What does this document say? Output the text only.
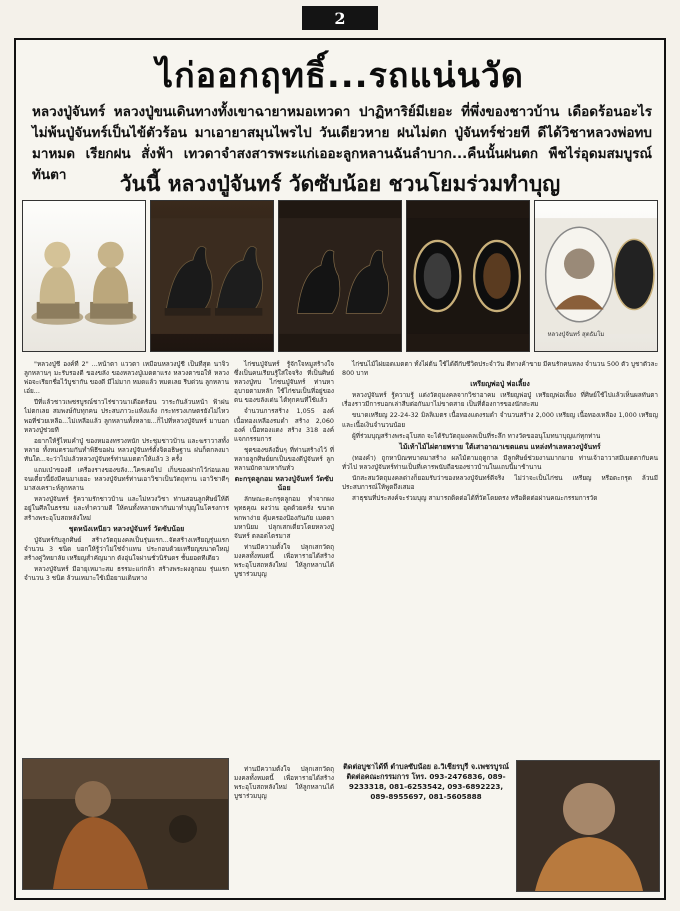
2
ไก่ออกฤทธิ์...รถแน่นวัด
หลวงปู่จันทร์ หลวงปู่ขนเดินทางทั้งเขาฉายาหมอเทวดา ปาฏิหาริย์มีเยอะ ที่พึ่งของชาวบ้าน เดือดร้อนอะไร ไม่พ้นปู่จันทร์เป็นไข้ตัวร้อน มาเอายาสมุนไพรไป วันเดียวหาย ฝนไม่ตก ปู่จันทร์ช่วยที ดีได้วิชาหลวงพ่อทบ มาหมด เรียกฝน สั่งฟ้า เทวดาจำสงสารพระแก่เออะลูกหลานฉันลำบาก...คืนนั้นฝนตก พืชไร่อุดมสมบูรณ์ทันตา	วันนี้ หลวงปู่จันทร์ วัดซับน้อย ชวนโยมร่วมทำบุญ
หลวงปู่จันทร์ สุตธัมโม

"หลวงปู่ชี องค์ที่ 2" ...หน้าตา แววตา เหมือนหลวงปู่ชี เป็นที่สุด นาจิวลูกหลานๆ มะรับรองดี ของขลัง ของหลวงปู่เมตตาแรง หลวงตาขอให้ หลวงพ่อจะเรียกชื่อไว้บูชากัน ของดี มีไม่มาก หมดแล้ว หมดเลย รีบด่วน ลูกหลานเอ๋ย...

ปีที่แล้วชาวเพชรบูรณ์ชาวไร่ชาวนาเดือดร้อน วาระกันล้วนหน้า ฟ้าฝนไม่ตกเลย สมพงษ์กับทุกคน ประสบภาวะแห้งแล้ง กระทรวงเกษตรยังไม่ไหวพอที่ช่วยเหลือ...ไม่เหลือแล้ว ลูกหลานทั้งหลาย...ก็ไปที่หลวงปู่จันทร์ มาบอกหลวงปู่ช่วยที

อยากให้รู้ไหมคำปู่ ของหมองทรวงหนัก ประชุมชาวบ้าน และฆราวาสทั้งหลาย ทั้งหมดรวมกันทำพิธีขอฝน หลวงปู่จันทร์ตั้งจิตอธิษฐาน ฝนก็ตกลงมาทันใด...จะว่าไปแล้วหลวงปู่จันทร์ท่านเมตตาให้แล้ว 3 ครั้ง

แถมเป่าของดี เครื่องรางของขลัง...ใครเคยไป เก็บของฝากไว้ก่อนเลย จนเดี๋ยวนี้ยังมีคนมาเยอะ หลวงปู่จันทร์ท่านเอาวิชาเป็นวัตถุทาน เอาวิชาดีๆ มาสงเคราะห์ลูกหลาน

หลวงปู่จันทร์ รู้ความรักชาวบ้าน และไม่หวงวิชา ท่านสอนลูกศิษย์ให้ดี อยู่ในศีลในธรรม และทำความดี ให้คนทั้งหลายพากันมาทำบุญในโครงการสร้างพระอุโบสถหลังใหม่

ชุดหนังเหนียว หลวงปู่จันทร์ วัดซับน้อย

ปู่จันทร์กับลูกศิษย์ สร้างวัตถุมงคลเป็นรุ่นแรก...จัดสร้างเหรียญรุ่นแรก จำนวน 3 ชนิด บอกให้รู้ว่าไม่ใช่จำแทน ประกอบด้วยเหรียญขนาดใหญ่ สร้างคู่วิทยาลัย เหรียญสำคัญมาก ดังอุ่นใจผ่านชั่วนิรันดร ชั้นยอดทีเดียว

หลวงปู่จันทร์ มีอายุเหมาะสม ธรรมะแก่กล้า สร้างพระผงลูกอม รุ่นแรก จำนวน 3 ชนิด ล้วนเหมาะใช้เมื่อยามเดินทาง

ไก่ชนปู่จันทร์ รู้จักใจหมูสร้างใจ ซึ่งเป็นคนเรียนรู้ใส่ใจจริง ที่เป็นศิษย์ หลวงปู่ทบ ไก่ชนปู่จันทร์ ท่านหาอุบายตามหลัก ใช้ไก่ชนเป็นที่อยู่ของตน ของขลังเด่น ได้ทุกคนที่ใช้แล้ว

จำนวนการสร้าง 1,055 องค์ เนื้อทองเหลืองรมดำ สร้าง 2,060 องค์ เนื้อทองแดง สร้าง 318 องค์ แจกกรรมการ

ชุดของขลังอื่นๆ ที่ท่านสร้างไว้ ที่หลายลูกศิษย์ยกเป็นของดีปู่จันทร์ ลูกหลานมักตามหากันทั่ว

ตะกรุดลูกอม หลวงปู่จันทร์ วัดซับน้อย

ลักษณะตะกรุดลูกอม ทำจากผงพุทธคุณ ผงว่าน อุดด้วยครั่ง ขนาดพกพาง่าย คุ้มครองป้องกันภัย เมตตามหานิยม ปลุกเสกเดี่ยวโดยหลวงปู่จันทร์ ตลอดไตรมาส

ท่านมีความตั้งใจ ปลุกเสกวัตถุมงคลทั้งหมดนี้ เพื่อหารายได้สร้างพระอุโบสถหลังใหม่ ให้ลูกหลานได้บูชาร่วมบุญ

ไก่ชนไม้ไผ่ยอดเมตตา ทั้งไผ่ต้น ใช้ได้ดีกับชีวิตประจำวัน ดีทางค้าขาย มีคนรักคนหลง จำนวน 500 ตัว บูชาตัวละ 800 บาท

เหรียญพ่อปู่ พ่อเลี้ยง

หลวงปู่จันทร์ รู้ความรู้ แต่งวัตถุมงคลจากวิชาอาคม เหรียญพ่อปู่ เหรียญพ่อเลี้ยง ที่ศิษย์ใช้ไปแล้วเห็นผลทันตา เรื่องราวมีการบอกเล่าสืบต่อกันมาไม่ขาดสาย เป็นที่ต้องการของนักสะสม

ขนาดเหรียญ 22-24-32 มิลลิเมตร เนื้อทองแดงรมดำ จำนวนสร้าง 2,000 เหรียญ เนื้อทองเหลือง 1,000 เหรียญ และเนื้อเงินจำนวนน้อย

ผู้ที่ร่วมบุญสร้างพระอุโบสถ จะได้รับวัตถุมงคลเป็นที่ระลึก ทางวัดขออนุโมทนาบุญแก่ทุกท่าน

ไม้เท้าไม้ไผ่ตายพราย ใต้เสาอาณาเขตแดน แหล่งทำเลหลวงปู่จันทร์

(ทองคำ) ถูกหาบิณฑบาตมาสร้าง ผลไม้ตามฤดูกาล มีลูกศิษย์ช่วยงานมากมาย ท่านเจ้าอาวาสมีเมตตากับคนทั่วไป หลวงปู่จันทร์ท่านเป็นที่เคารพนับถือของชาวบ้านในแถบนี้มาช้านาน

นักสะสมวัตถุมงคลต่างก็ยอมรับว่าของหลวงปู่จันทร์ดีจริง ไม่ว่าจะเป็นไก่ชน เหรียญ หรือตะกรุด ล้วนมีประสบการณ์ให้พูดถึงเสมอ

สาธุชนที่ประสงค์จะร่วมบุญ สามารถติดต่อได้ที่วัดโดยตรง หรือติดต่อผ่านคณะกรรมการวัด

ท่านมีความตั้งใจ ปลุกเสกวัตถุมงคลทั้งหมดนี้ เพื่อหารายได้สร้างพระอุโบสถหลังใหม่ ให้ลูกหลานได้บูชาร่วมบุญ

ติดต่อบูชาได้ที่ ตำบลซับน้อย อ.วิเชียรบุรี จ.เพชรบูรณ์ ติดต่อคณะกรรมการ โทร. 093-2476836, 089-9233318, 081-6253542, 093-6892223, 089-8955697, 081-5605888
